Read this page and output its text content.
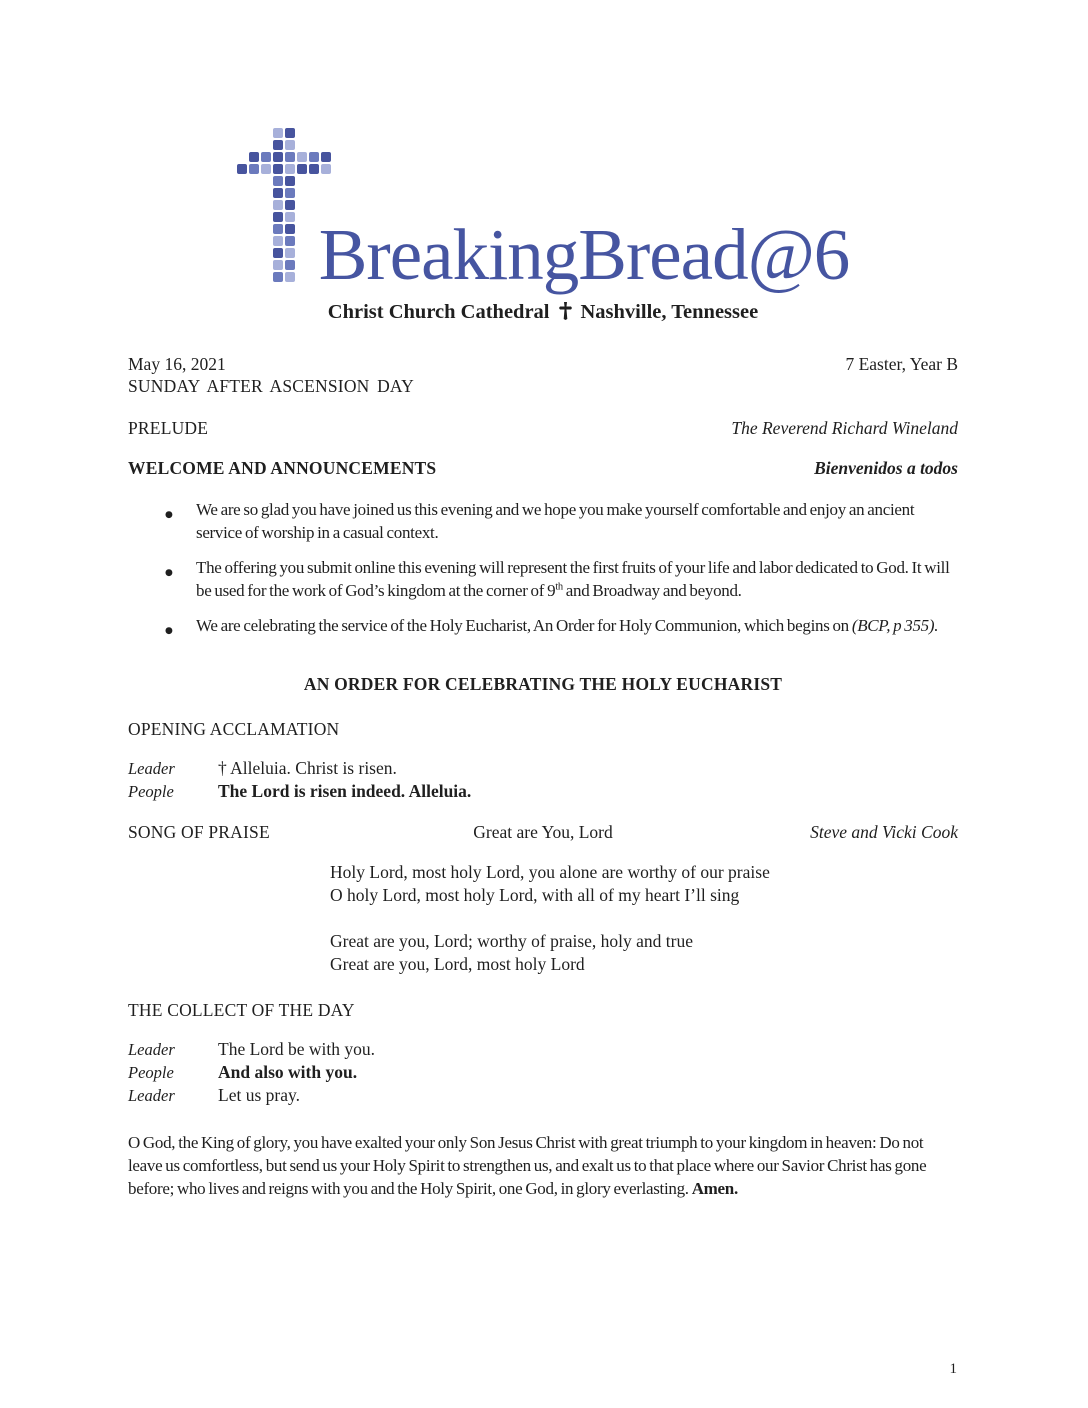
BreakingBread@6
Christ Church Cathedral Nashville, Tennessee
May 16, 2021	7 Easter, Year B
SUNDAY AFTER ASCENSION DAY
PRELUDE	The Reverend Richard Wineland
WELCOME AND ANNOUNCEMENTS	Bienvenidos a todos
●	We are so glad you have joined us this evening and we hope you make yourself comfortable and enjoy an ancient service of worship in a casual context.
●	The offering you submit online this evening will represent the first fruits of your life and labor dedicated to God. It will be used for the work of God’s kingdom at the corner of 9th and Broadway and beyond.
●	We are celebrating the service of the Holy Eucharist, An Order for Holy Communion, which begins on (BCP, p 355).
AN ORDER FOR CELEBRATING THE HOLY EUCHARIST
OPENING ACCLAMATION
Leader	† Alleluia. Christ is risen.
People	The Lord is risen indeed. Alleluia.
SONG OF PRAISE	Great are You, Lord	Steve and Vicki Cook
Holy Lord, most holy Lord, you alone are worthy of our praise
O holy Lord, most holy Lord, with all of my heart I’ll sing
Great are you, Lord; worthy of praise, holy and true
Great are you, Lord, most holy Lord
THE COLLECT OF THE DAY
Leader	The Lord be with you.
People	And also with you.
Leader	Let us pray.
O God, the King of glory, you have exalted your only Son Jesus Christ with great triumph to your kingdom in heaven: Do not leave us comfortless, but send us your Holy Spirit to strengthen us, and exalt us to that place where our Savior Christ has gone before; who lives and reigns with you and the Holy Spirit, one God, in glory everlasting. Amen.
1
